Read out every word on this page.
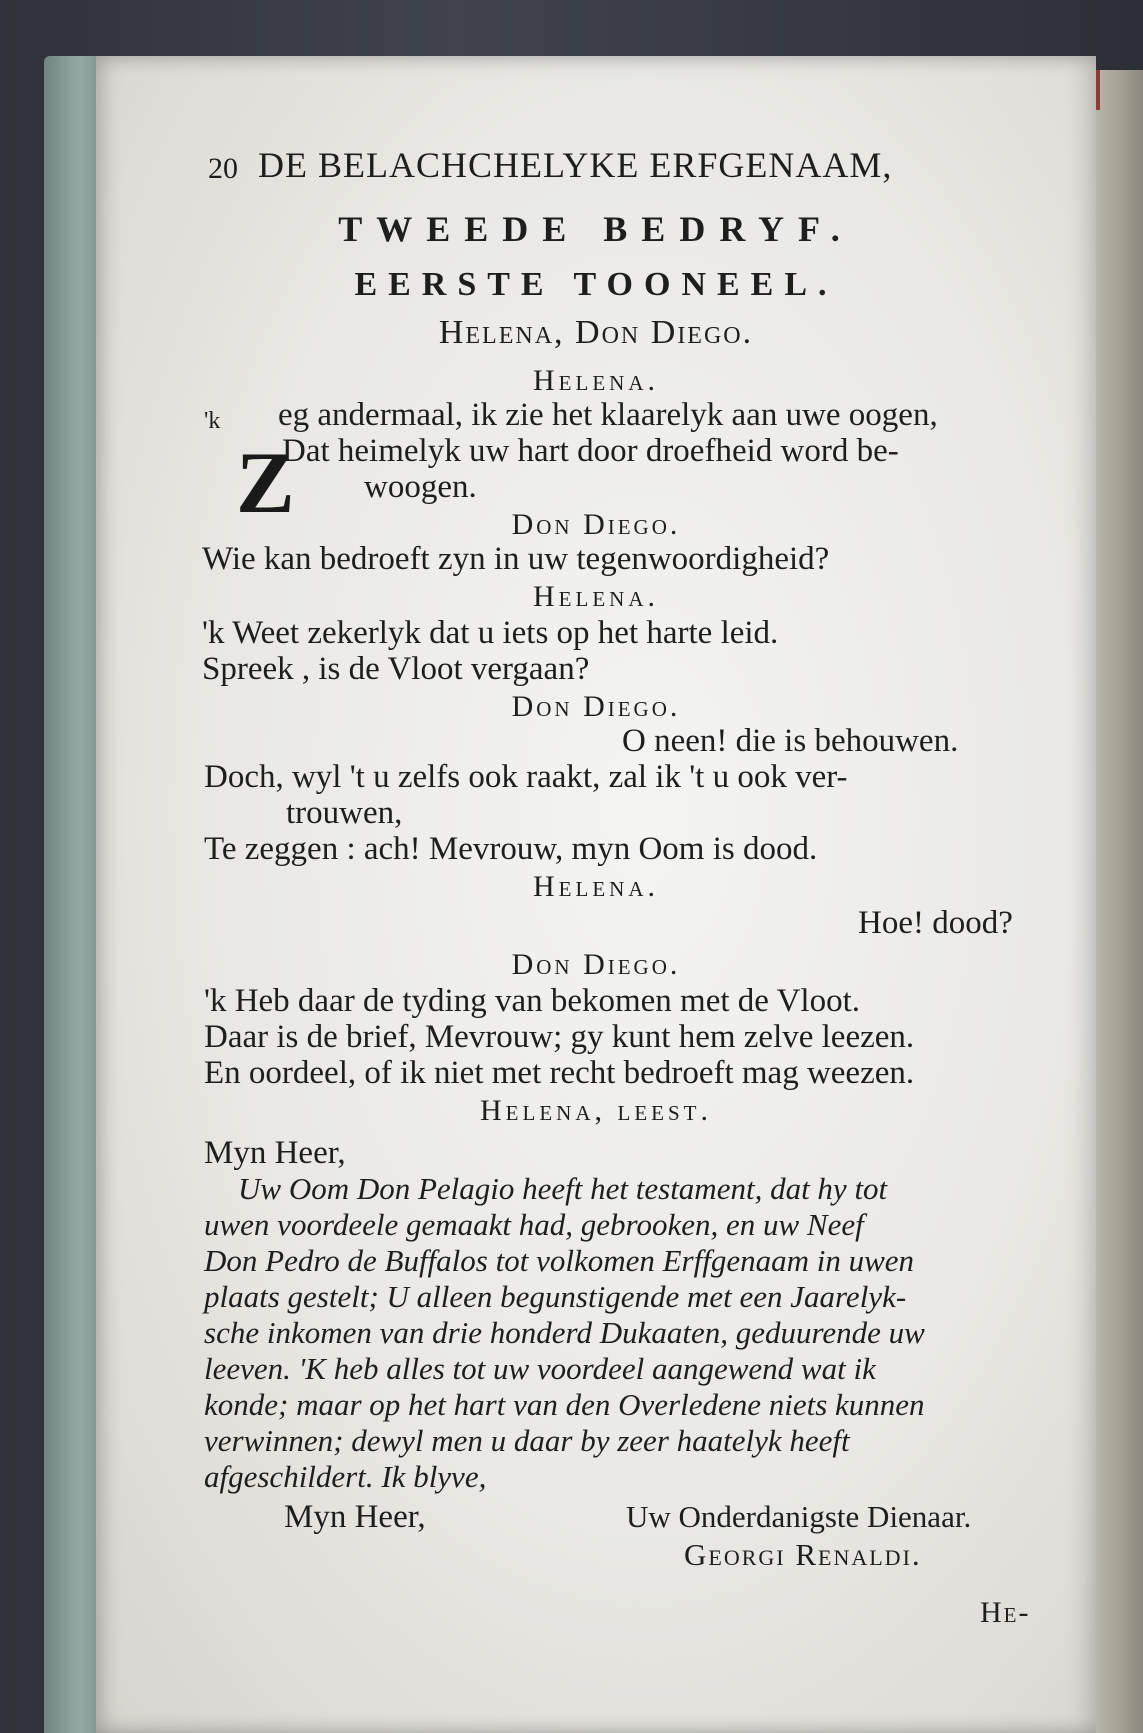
20 DE BELACHCHELYKE ERFGENAAM,
TWEEDE BEDRYF.
EERSTE TOONEEL.
Helena, Don Diego.
Helena.
'k
Z
eg andermaal, ik zie het klaarelyk aan uwe oogen,
Dat heimelyk uw hart door droefheid word be-
woogen.
Don Diego.
Wie kan bedroeft zyn in uw tegenwoordigheid?
Helena.
'k Weet zekerlyk dat u iets op het harte leid.
Spreek , is de Vloot vergaan?
Don Diego.
O neen! die is behouwen.
Doch, wyl 't u zelfs ook raakt, zal ik 't u ook ver-
trouwen,
Te zeggen : ach! Mevrouw, myn Oom is dood.
Helena.
Hoe! dood?
Don Diego.
'k Heb daar de tyding van bekomen met de Vloot.
Daar is de brief, Mevrouw; gy kunt hem zelve leezen.
En oordeel, of ik niet met recht bedroeft mag weezen.
Helena, leest.
Myn Heer,
Uw Oom Don Pelagio heeft het testament, dat hy tot
uwen voordeele gemaakt had, gebrooken, en uw Neef
Don Pedro de Buffalos tot volkomen Erffgenaam in uwen
plaats gestelt; U alleen begunstigende met een Jaarelyk-
sche inkomen van drie honderd Dukaaten, geduurende uw
leeven. 'K heb alles tot uw voordeel aangewend wat ik
konde; maar op het hart van den Overledene niets kunnen
verwinnen; dewyl men u daar by zeer haatelyk heeft
afgeschildert. Ik blyve,
Myn Heer,	Uw Onderdanigste Dienaar.
Georgi Renaldi.
He-
